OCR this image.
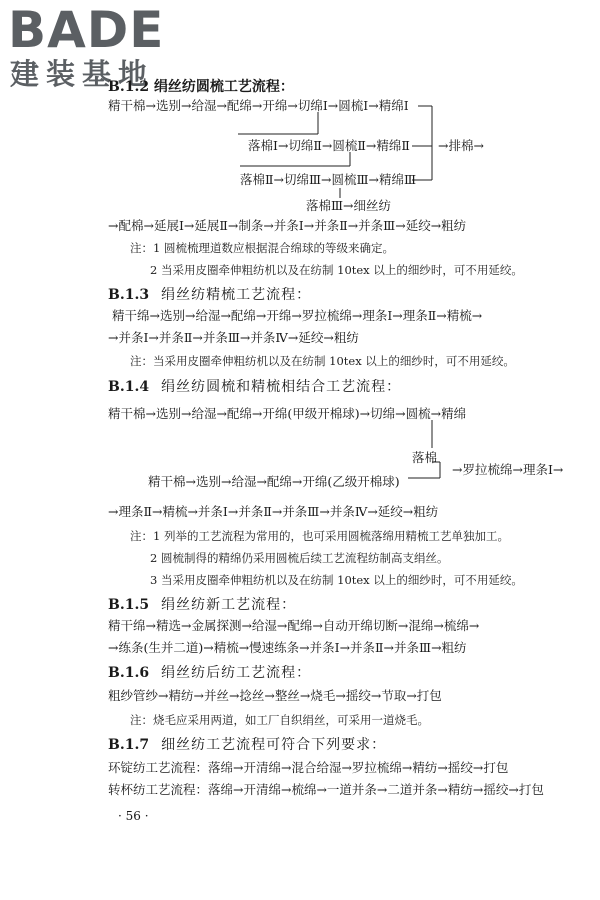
BADE
建装基地
B.1.2 绢丝纺圆梳工艺流程：
精干棉→选别→给湿→配绵→开绵→切绵Ⅰ→圆梳Ⅰ→精绵Ⅰ
落棉Ⅰ→切绵Ⅱ→圆梳Ⅱ→精绵Ⅱ →排棉→
落棉Ⅱ→切绵Ⅲ→圆梳Ⅲ→精绵Ⅲ
落棉Ⅲ→细丝纺
→配棉→延展Ⅰ→延展Ⅱ→制条→并条Ⅰ→并条Ⅱ→并条Ⅲ→延绞→粗纺
注：1 圆梳梳理道数应根据混合绵球的等级来确定。
2 当采用皮圈牵伸粗纺机以及在纺制 10tex 以上的细纱时，可不用延绞。
B.1.3 绢丝纺精梳工艺流程：
精干绵→选别→给湿→配绵→开绵→罗拉梳绵→理条Ⅰ→理条Ⅱ→精梳→
→并条Ⅰ→并条Ⅱ→并条Ⅲ→并条Ⅳ→延绞→粗纺
注：当采用皮圈牵伸粗纺机以及在纺制 10tex 以上的细纱时，可不用延绞。
B.1.4 绢丝纺圆梳和精梳相结合工艺流程：
精干棉→选别→给湿→配绵→开绵(甲级开棉球)→切绵→圆梳→精绵
落棉
→罗拉梳绵→理条Ⅰ→
精干棉→选别→给湿→配绵→开绵(乙级开棉球)
→理条Ⅱ→精梳→并条Ⅰ→并条Ⅱ→并条Ⅲ→并条Ⅳ→延绞→粗纺
注：1 列举的工艺流程为常用的，也可采用圆梳落绵用精梳工艺单独加工。
2 圆梳制得的精绵仍采用圆梳后续工艺流程纺制高支绢丝。
3 当采用皮圈牵伸粗纺机以及在纺制 10tex 以上的细纱时，可不用延绞。
B.1.5 绢丝纺新工艺流程：
精干绵→精选→金属探测→给湿→配绵→自动开绵切断→混绵→梳绵→
→练条(生并二道)→精梳→慢速练条→并条Ⅰ→并条Ⅱ→并条Ⅲ→粗纺
B.1.6 绢丝纺后纺工艺流程：
粗纱管纱→精纺→并丝→捻丝→整丝→烧毛→摇绞→节取→打包
注：烧毛应采用两道，如工厂自织绢丝，可采用一道烧毛。
B.1.7 细丝纺工艺流程可符合下列要求：
环锭纺工艺流程：落绵→开清绵→混合给湿→罗拉梳绵→精纺→摇绞→打包
转杯纺工艺流程：落绵→开清绵→梳绵→一道并条→二道并条→精纺→摇绞→打包
· 56 ·
